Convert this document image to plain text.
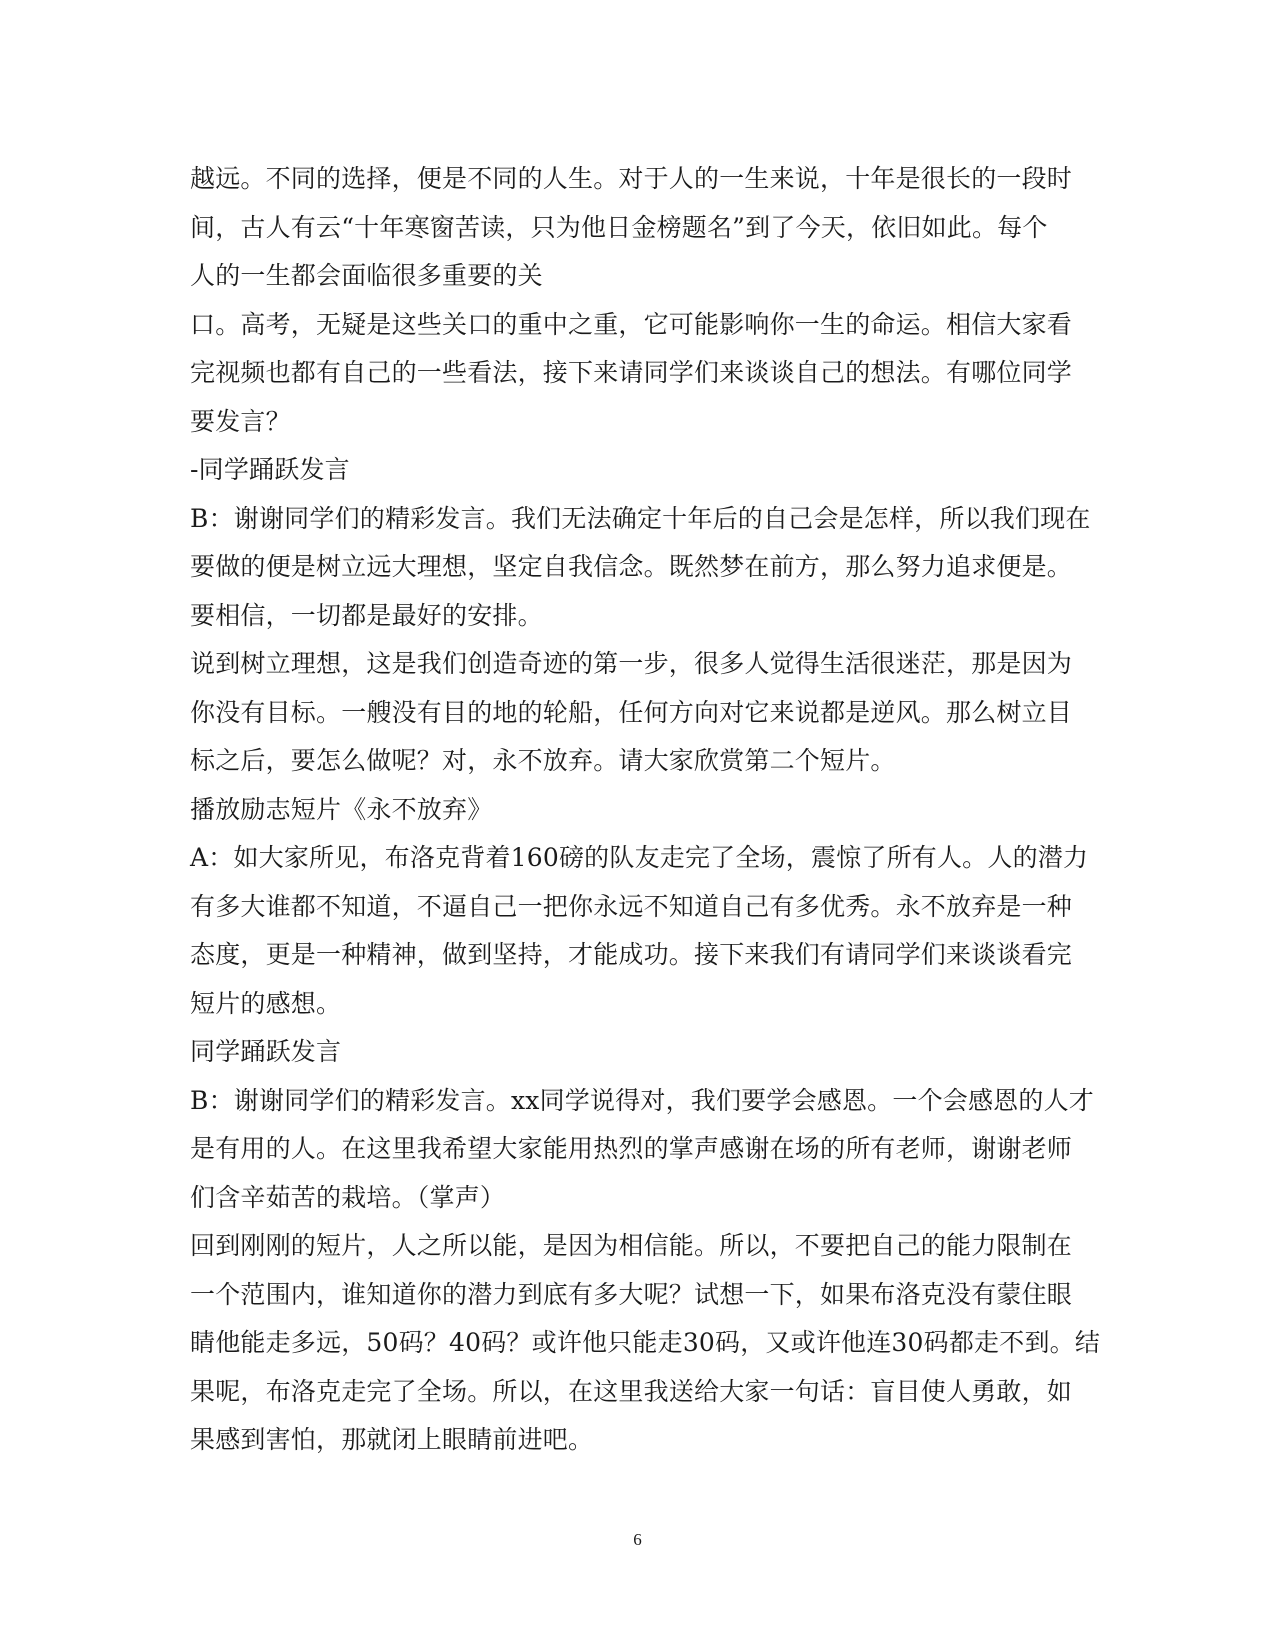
越远。不同的选择，便是不同的人生。对于人的一生来说，十年是很长的一段时
间，古人有云“十年寒窗苦读，只为他日金榜题名”到了今天，依旧如此。每个
人的一生都会面临很多重要的关
口。高考，无疑是这些关口的重中之重，它可能影响你一生的命运。相信大家看
完视频也都有自己的一些看法，接下来请同学们来谈谈自己的想法。有哪位同学
要发言？
-同学踊跃发言
B：谢谢同学们的精彩发言。我们无法确定十年后的自己会是怎样，所以我们现在
要做的便是树立远大理想，坚定自我信念。既然梦在前方，那么努力追求便是。
要相信，一切都是最好的安排。
说到树立理想，这是我们创造奇迹的第一步，很多人觉得生活很迷茫，那是因为
你没有目标。一艘没有目的地的轮船，任何方向对它来说都是逆风。那么树立目
标之后，要怎么做呢？对，永不放弃。请大家欣赏第二个短片。
播放励志短片《永不放弃》
A：如大家所见，布洛克背着160磅的队友走完了全场，震惊了所有人。人的潜力
有多大谁都不知道，不逼自己一把你永远不知道自己有多优秀。永不放弃是一种
态度，更是一种精神，做到坚持，才能成功。接下来我们有请同学们来谈谈看完
短片的感想。
同学踊跃发言
B：谢谢同学们的精彩发言。xx同学说得对，我们要学会感恩。一个会感恩的人才
是有用的人。在这里我希望大家能用热烈的掌声感谢在场的所有老师，谢谢老师
们含辛茹苦的栽培。（掌声）
回到刚刚的短片，人之所以能，是因为相信能。所以，不要把自己的能力限制在
一个范围内，谁知道你的潜力到底有多大呢？试想一下，如果布洛克没有蒙住眼
睛他能走多远，50码？40码？或许他只能走30码，又或许他连30码都走不到。结
果呢，布洛克走完了全场。所以，在这里我送给大家一句话：盲目使人勇敢，如
果感到害怕，那就闭上眼睛前进吧。
6
